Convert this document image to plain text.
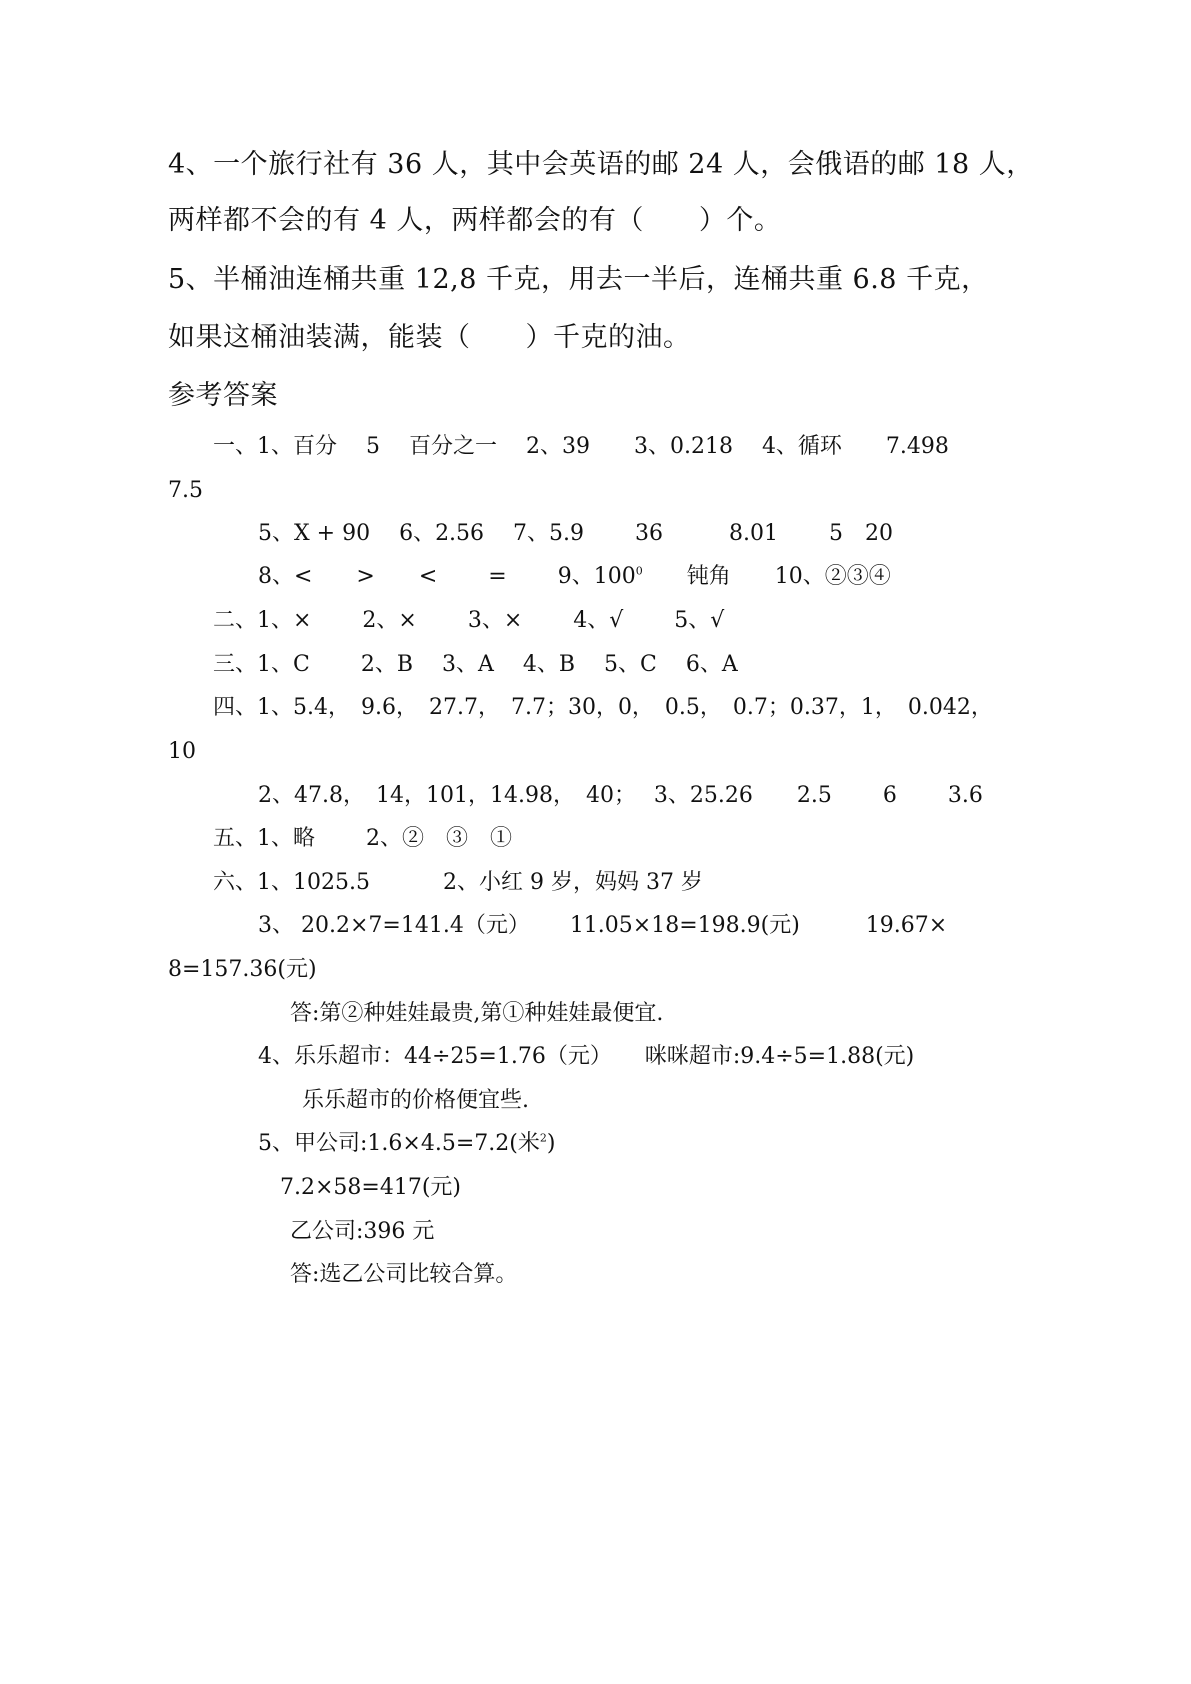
4、一个旅行社有 36 人，其中会英语的邮 24 人，会俄语的邮 18 人，
两样都不会的有 4 人，两样都会的有（　　）个。
5、半桶油连桶共重 12,8 千克，用去一半后，连桶共重 6.8 千克，
如果这桶油装满，能装（　　）千克的油。
参考答案
一、1、百分　 5　 百分之一　 2、39　　3、0.218　 4、循环　　7.498
7.5
5、X + 90　 6、2.56　 7、5.9　　 36　　　8.01　　 5　20
8、<　　>　　<　　 =　　 9、$100^0$　　钝角　　10、②③④
二、1、×　　 2、×　　 3、×　　 4、√　　 5、√
三、1、C　　 2、B　 3、A　 4、B　 5、C　 6、A
四、1、5.4，　9.6，　27.7，　7.7；30，0，　0.5，　0.7；0.37，1，　0.042，
10
2、47.8，　14，101，14.98，　40；　 3、25.26　　2.5　　 6　　 3.6
五、1、略　　 2、②　③　①
六、1、1025.5　　　 2、小红 9 岁，妈妈 37 岁
3、 20.2×7=141.4（元）　　 11.05×18=198.9(元)　　　19.67×
8=157.36(元)
答:第②种娃娃最贵,第①种娃娃最便宜.
4、乐乐超市：44÷25=1.76（元）　　咪咪超市:9.4÷5=1.88(元)
乐乐超市的价格便宜些.
5、甲公司:1.6×4.5=7.2(米$^2$)
7.2×58=417(元)
乙公司:396 元
答:选乙公司比较合算。
